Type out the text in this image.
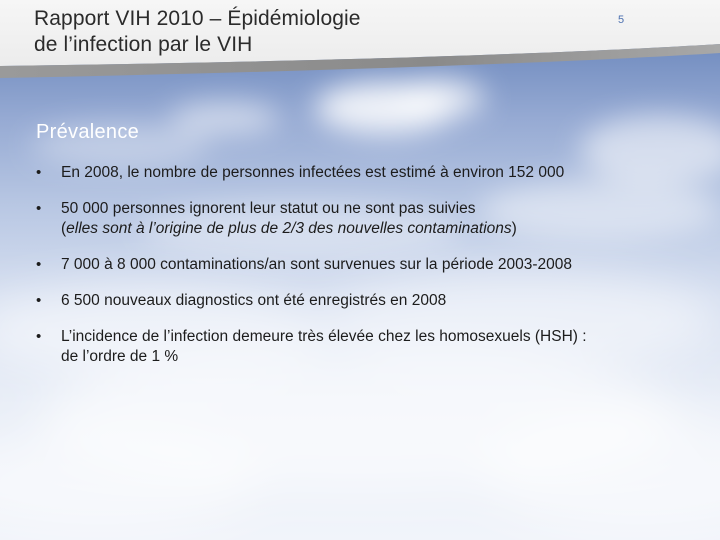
Rapport VIH 2010 – Épidémiologie
de l’infection par le VIH
5
Prévalence
• En 2008, le nombre de personnes infectées est estimé à environ 152 000
• 50 000 personnes ignorent leur statut ou ne sont pas suivies
(elles sont à l’origine de plus de 2/3 des nouvelles contaminations)
• 7 000 à 8 000 contaminations/an sont survenues sur la période 2003-2008
• 6 500 nouveaux diagnostics ont été enregistrés en 2008
• L’incidence de l’infection demeure très élevée chez les homosexuels (HSH) :
de l’ordre de 1 %
